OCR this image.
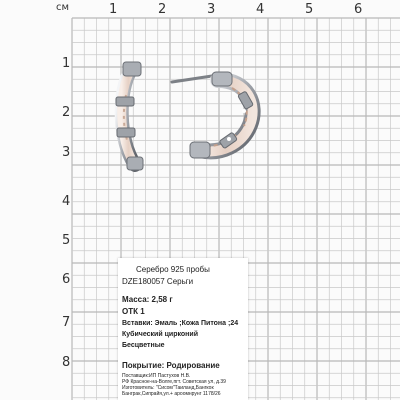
см	1	2	3	4	5	6
1
2
3
4
5
6
7
8
Серебро 925 пробы
DZE180057 Серьги
Масса: 2,58 г
ОТК 1
Вставки: Эмаль ;Кожа Питона ;24
Кубический цирконий
Бесцветные
Покрытие: Родирование
Поставщик:ИП Пастухов Н.В.
РФ Красное-на-Волге,пгт. Советская ул, д.39
Изготовитель: "Сисом"Таиланд,Бангкок
Банграк,Сипрайя,ул.+ ароомнрунг 1178/26
